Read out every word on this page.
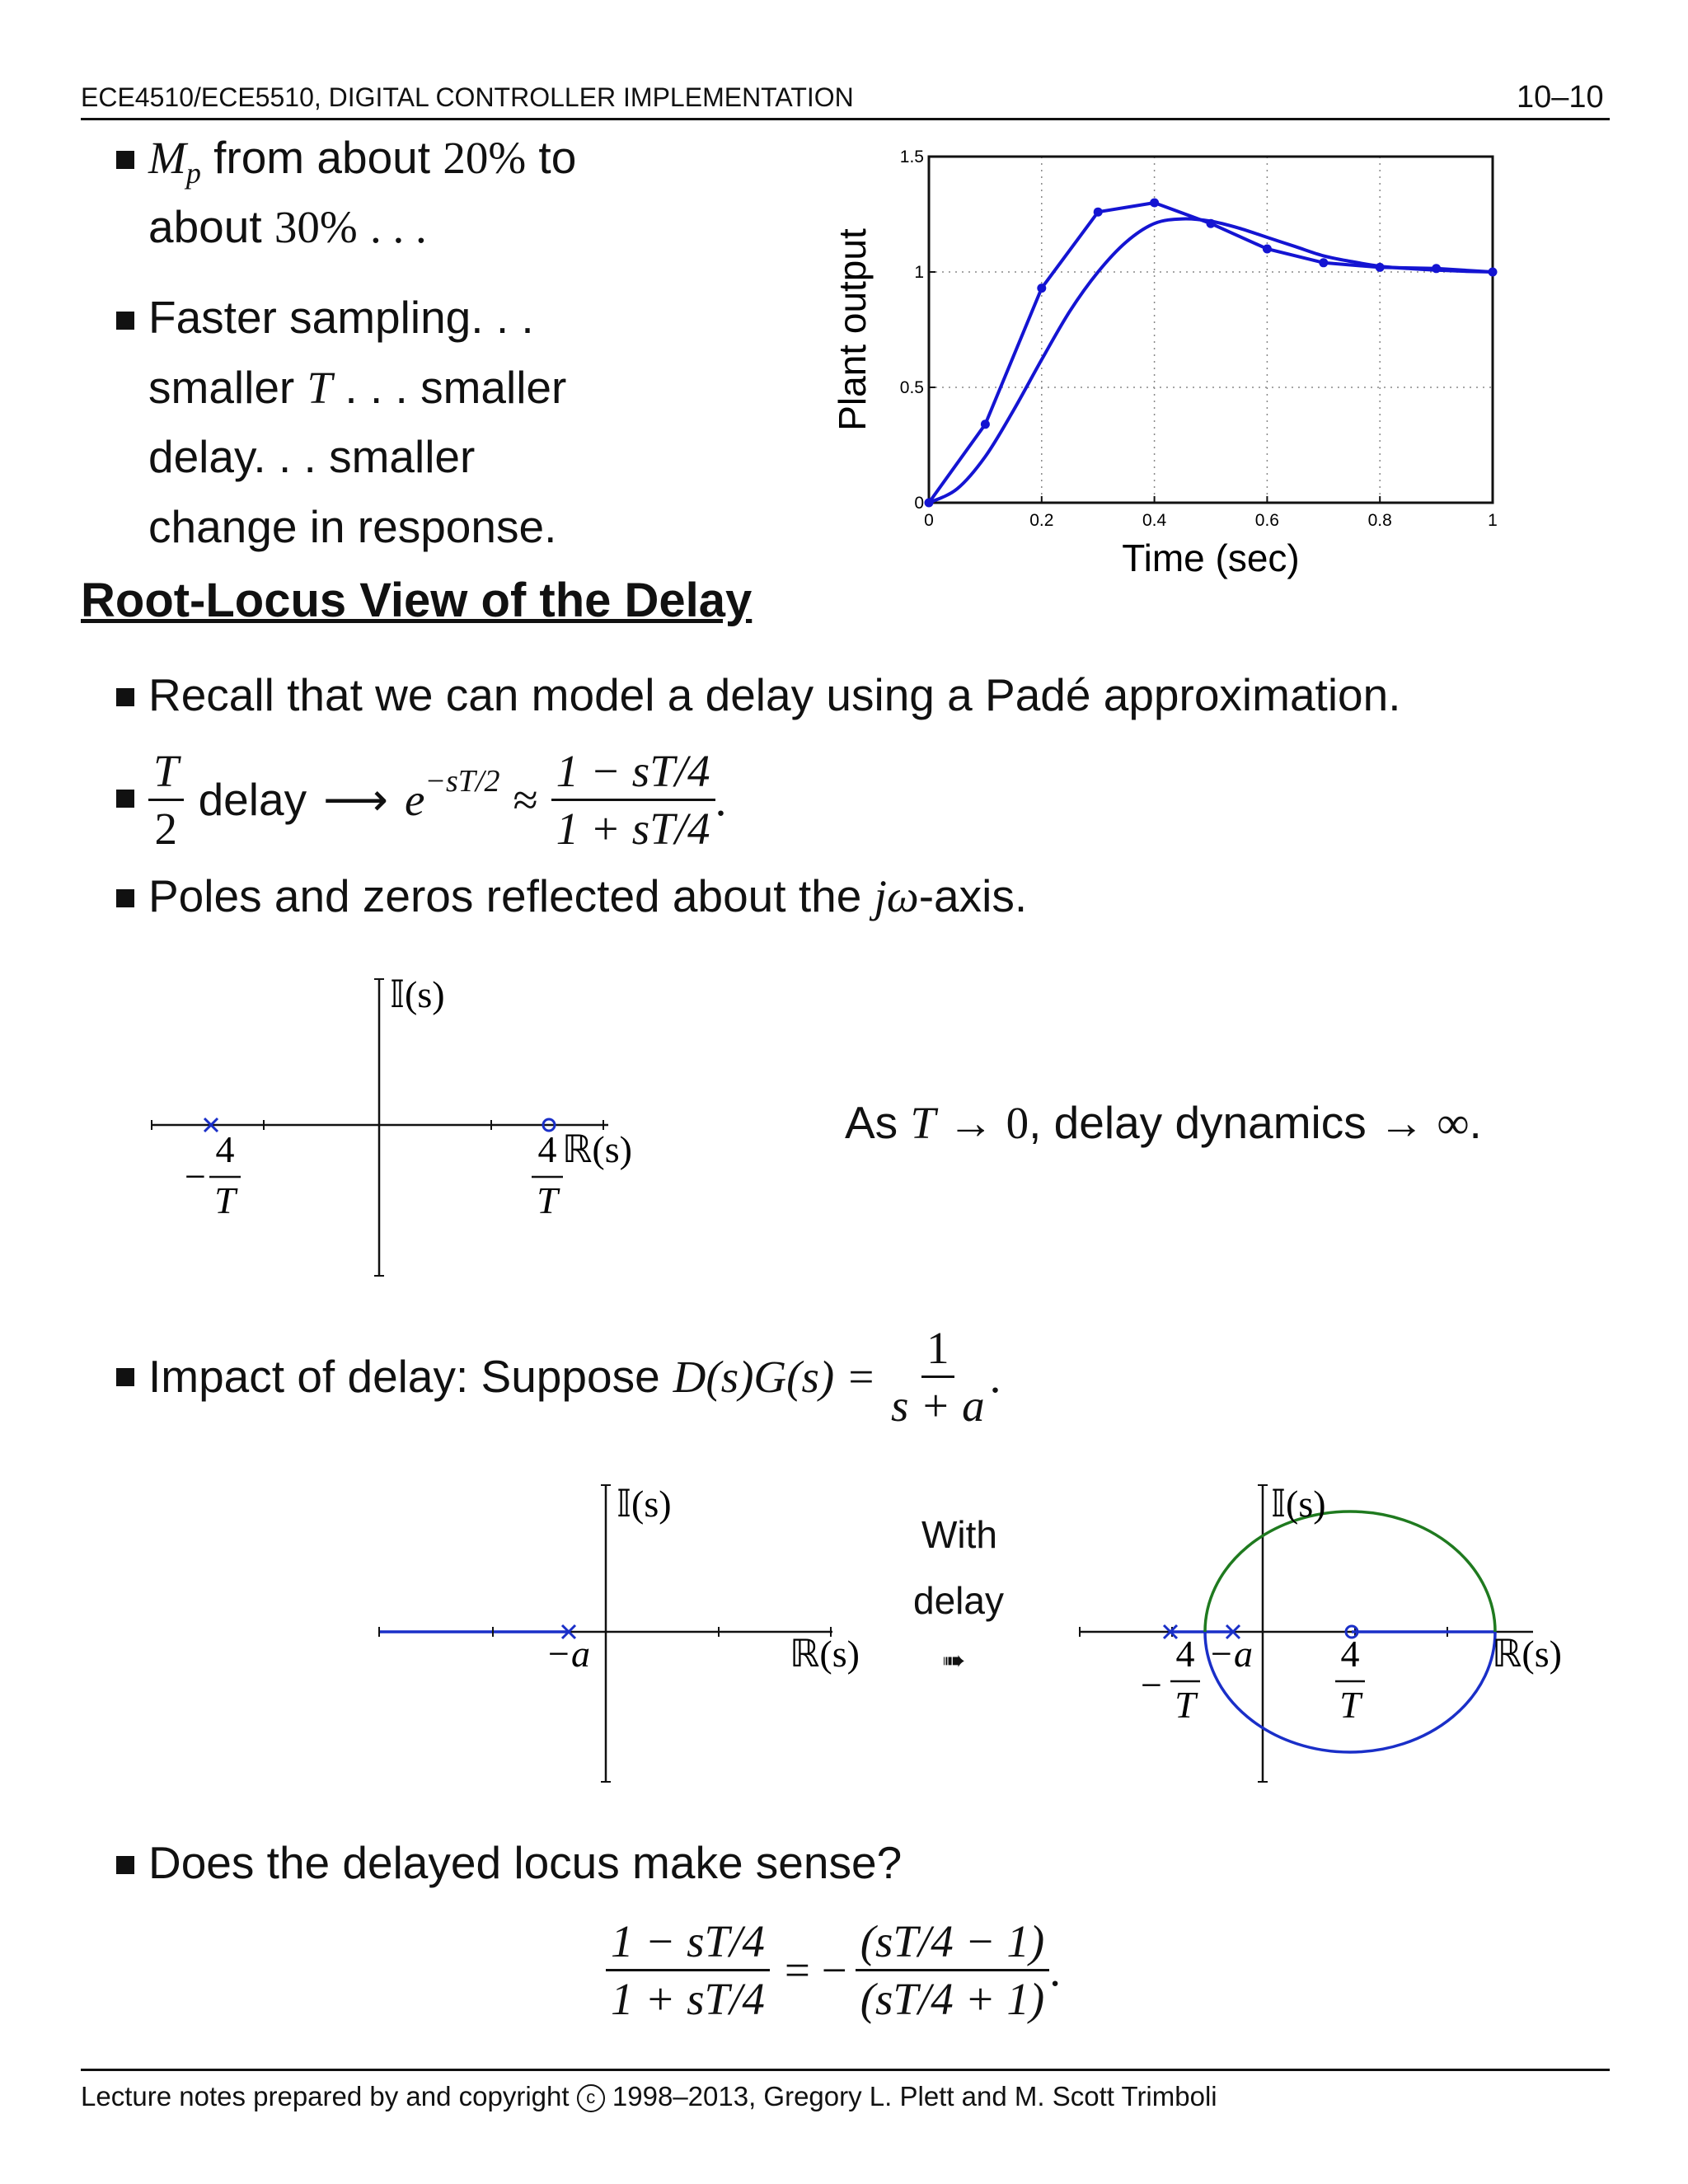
ECE4510/ECE5510, DIGITAL CONTROLLER IMPLEMENTATION	10–10
$M_p$ from about 20% to
about 30% . . .
Faster sampling. . .
smaller T . . . smaller
delay. . . smaller
change in response.	0	0.2	0.4	0.6	0.8	1
0
0.5
1
1.5
Plant output
Time (sec)
Root-Locus View of the Delay
Recall that we can model a delay using a Padé approximation.
$\frac{T}{2}$ delay ⟶ $e -sT/2 \approx \frac{1 - sT/4}{1 + sT/4}$ .
Poles and zeros reflected about the jω-axis.
𝕀(s)
−
4
T
4
T
ℝ(s)
As T → 0, delay dynamics → ∞.
Impact of delay: Suppose $D(s)G(s) = \frac{1}{s + a}$ .
𝕀(s)
−a	ℝ(s)
With
delay
➠
𝕀(s)
−
4
T
−a 4
T
ℝ(s)
Does the delayed locus make sense?
$\frac{1 - sT/4}{1 + sT/4}$ = − $\frac{(sT/4 - 1)}{(sT/4 + 1)}$ .
Lecture notes prepared by and copyright c 1998–2013, Gregory L. Plett and M. Scott Trimboli
